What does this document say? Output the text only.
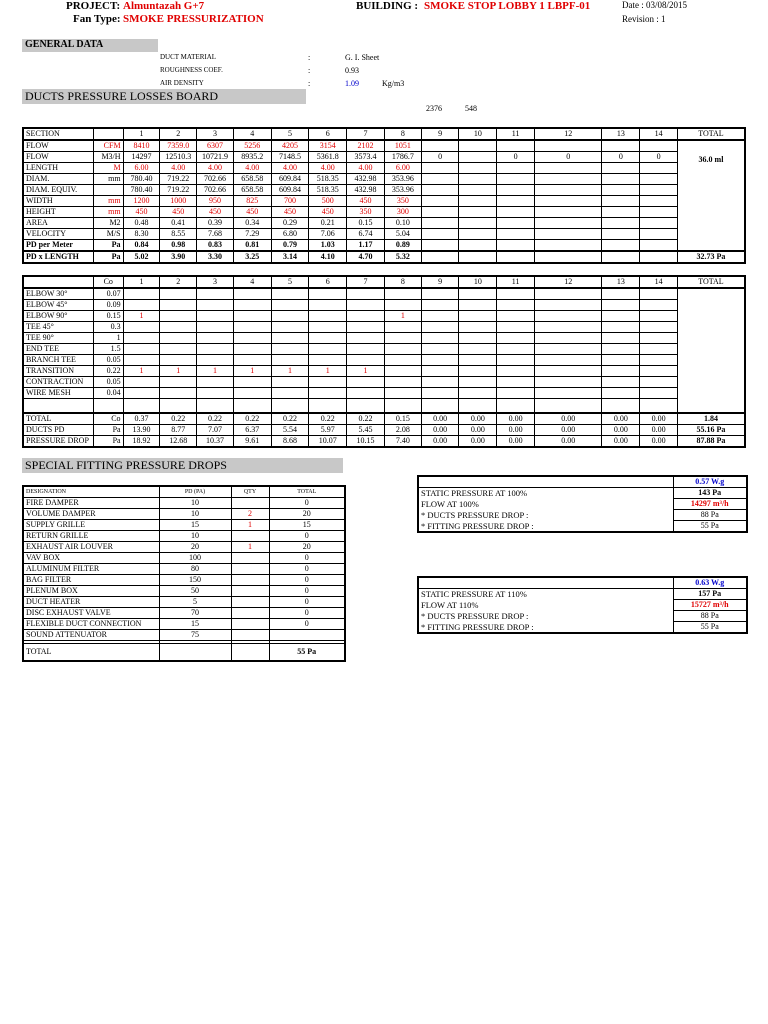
PROJECT: Almuntazah G+7
Fan Type: SMOKE PRESSURIZATION
BUILDING : SMOKE STOP LOBBY 1 LBPF-01	Date : 03/08/2015
Revision : 1
GENERAL DATA
DUCT MATERIAL	:	G. I. Sheet
ROUGHNESS COEF.	:	0.93
AIR DENSITY	:	1.09	Kg/m3
DUCTS PRESSURE LOSSES BOARD
2376	548
SECTION		1	2	3	4	5	6	7	8	9	10	11	12	13	14	TOTAL
FLOW	CFM	8410	7359.0	6307	5256	4205	3154	2102	1051							36.0 ml
FLOW	M3/H	14297	12510.3	10721.9	8935.2	7148.5	5361.8	3573.4	1786.7	0		0	0	0	0	
LENGTH	M	6.00	4.00	4.00	4.00	4.00	4.00	4.00	6.00							
DIAM.	mm	780.40	719.22	702.66	658.58	609.84	518.35	432.98	353.96							
DIAM. EQUIV.		780.40	719.22	702.66	658.58	609.84	518.35	432.98	353.96							
WIDTH	mm	1200	1000	950	825	700	500	450	350							
HEIGHT	mm	450	450	450	450	450	450	350	300							
AREA	M2	0.48	0.41	0.39	0.34	0.29	0.21	0.15	0.10							
VELOCITY	M/S	8.30	8.55	7.68	7.29	6.80	7.06	6.74	5.04							
PD per Meter	Pa	0.84	0.98	0.83	0.81	0.79	1.03	1.17	0.89							
PD x LENGTH	Pa	5.02	3.90	3.30	3.25	3.14	4.10	4.70	5.32							32.73 Pa
	Co	1	2	3	4	5	6	7	8	9	10	11	12	13	14	TOTAL
ELBOW 30°	0.07															
ELBOW 45°	0.09															
ELBOW 90°	0.15	1							1							
TEE 45°	0.3															
TEE 90°	1															
END TEE	1.5															
BRANCH TEE	0.05															
TRANSITION	0.22	1	1	1	1	1	1	1								
CONTRACTION	0.05															
WIRE MESH	0.04															

TOTAL	Co	0.37	0.22	0.22	0.22	0.22	0.22	0.22	0.15	0.00	0.00	0.00	0.00	0.00	0.00	1.84
DUCTS PD	Pa	13.90	8.77	7.07	6.37	5.54	5.97	5.45	2.08	0.00	0.00	0.00	0.00	0.00	0.00	55.16 Pa
PRESSURE DROP	Pa	18.92	12.68	10.37	9.61	8.68	10.07	10.15	7.40	0.00	0.00	0.00	0.00	0.00	0.00	87.88 Pa
SPECIAL FITTING PRESSURE DROPS
DESIGNATION	PD (PA)	QTY	TOTAL
FIRE DAMPER	10		0
VOLUME DAMPER	10	2	20
SUPPLY GRILLE	15	1	15
RETURN GRILLE	10		0
EXHAUST AIR LOUVER	20	1	20
VAV BOX	100		0
ALUMINUM FILTER	80		0
BAG FILTER	150		0
PLENUM BOX	50		0
DUCT HEATER	5		0
DISC EXHAUST VALVE	70		0
FLEXIBLE DUCT CONNECTION	15		0
SOUND ATTENUATOR	75		

TOTAL			55 Pa
	0.57 W.g
STATIC PRESSURE AT 100%	143 Pa
FLOW AT 100%	14297 m³/h
* DUCTS PRESSURE DROP :	88 Pa
* FITTING PRESSURE DROP :	55 Pa
	0.63 W.g
STATIC PRESSURE AT 110%	157 Pa
FLOW AT 110%	15727 m³/h
* DUCTS PRESSURE DROP :	88 Pa
* FITTING PRESSURE DROP :	55 Pa
